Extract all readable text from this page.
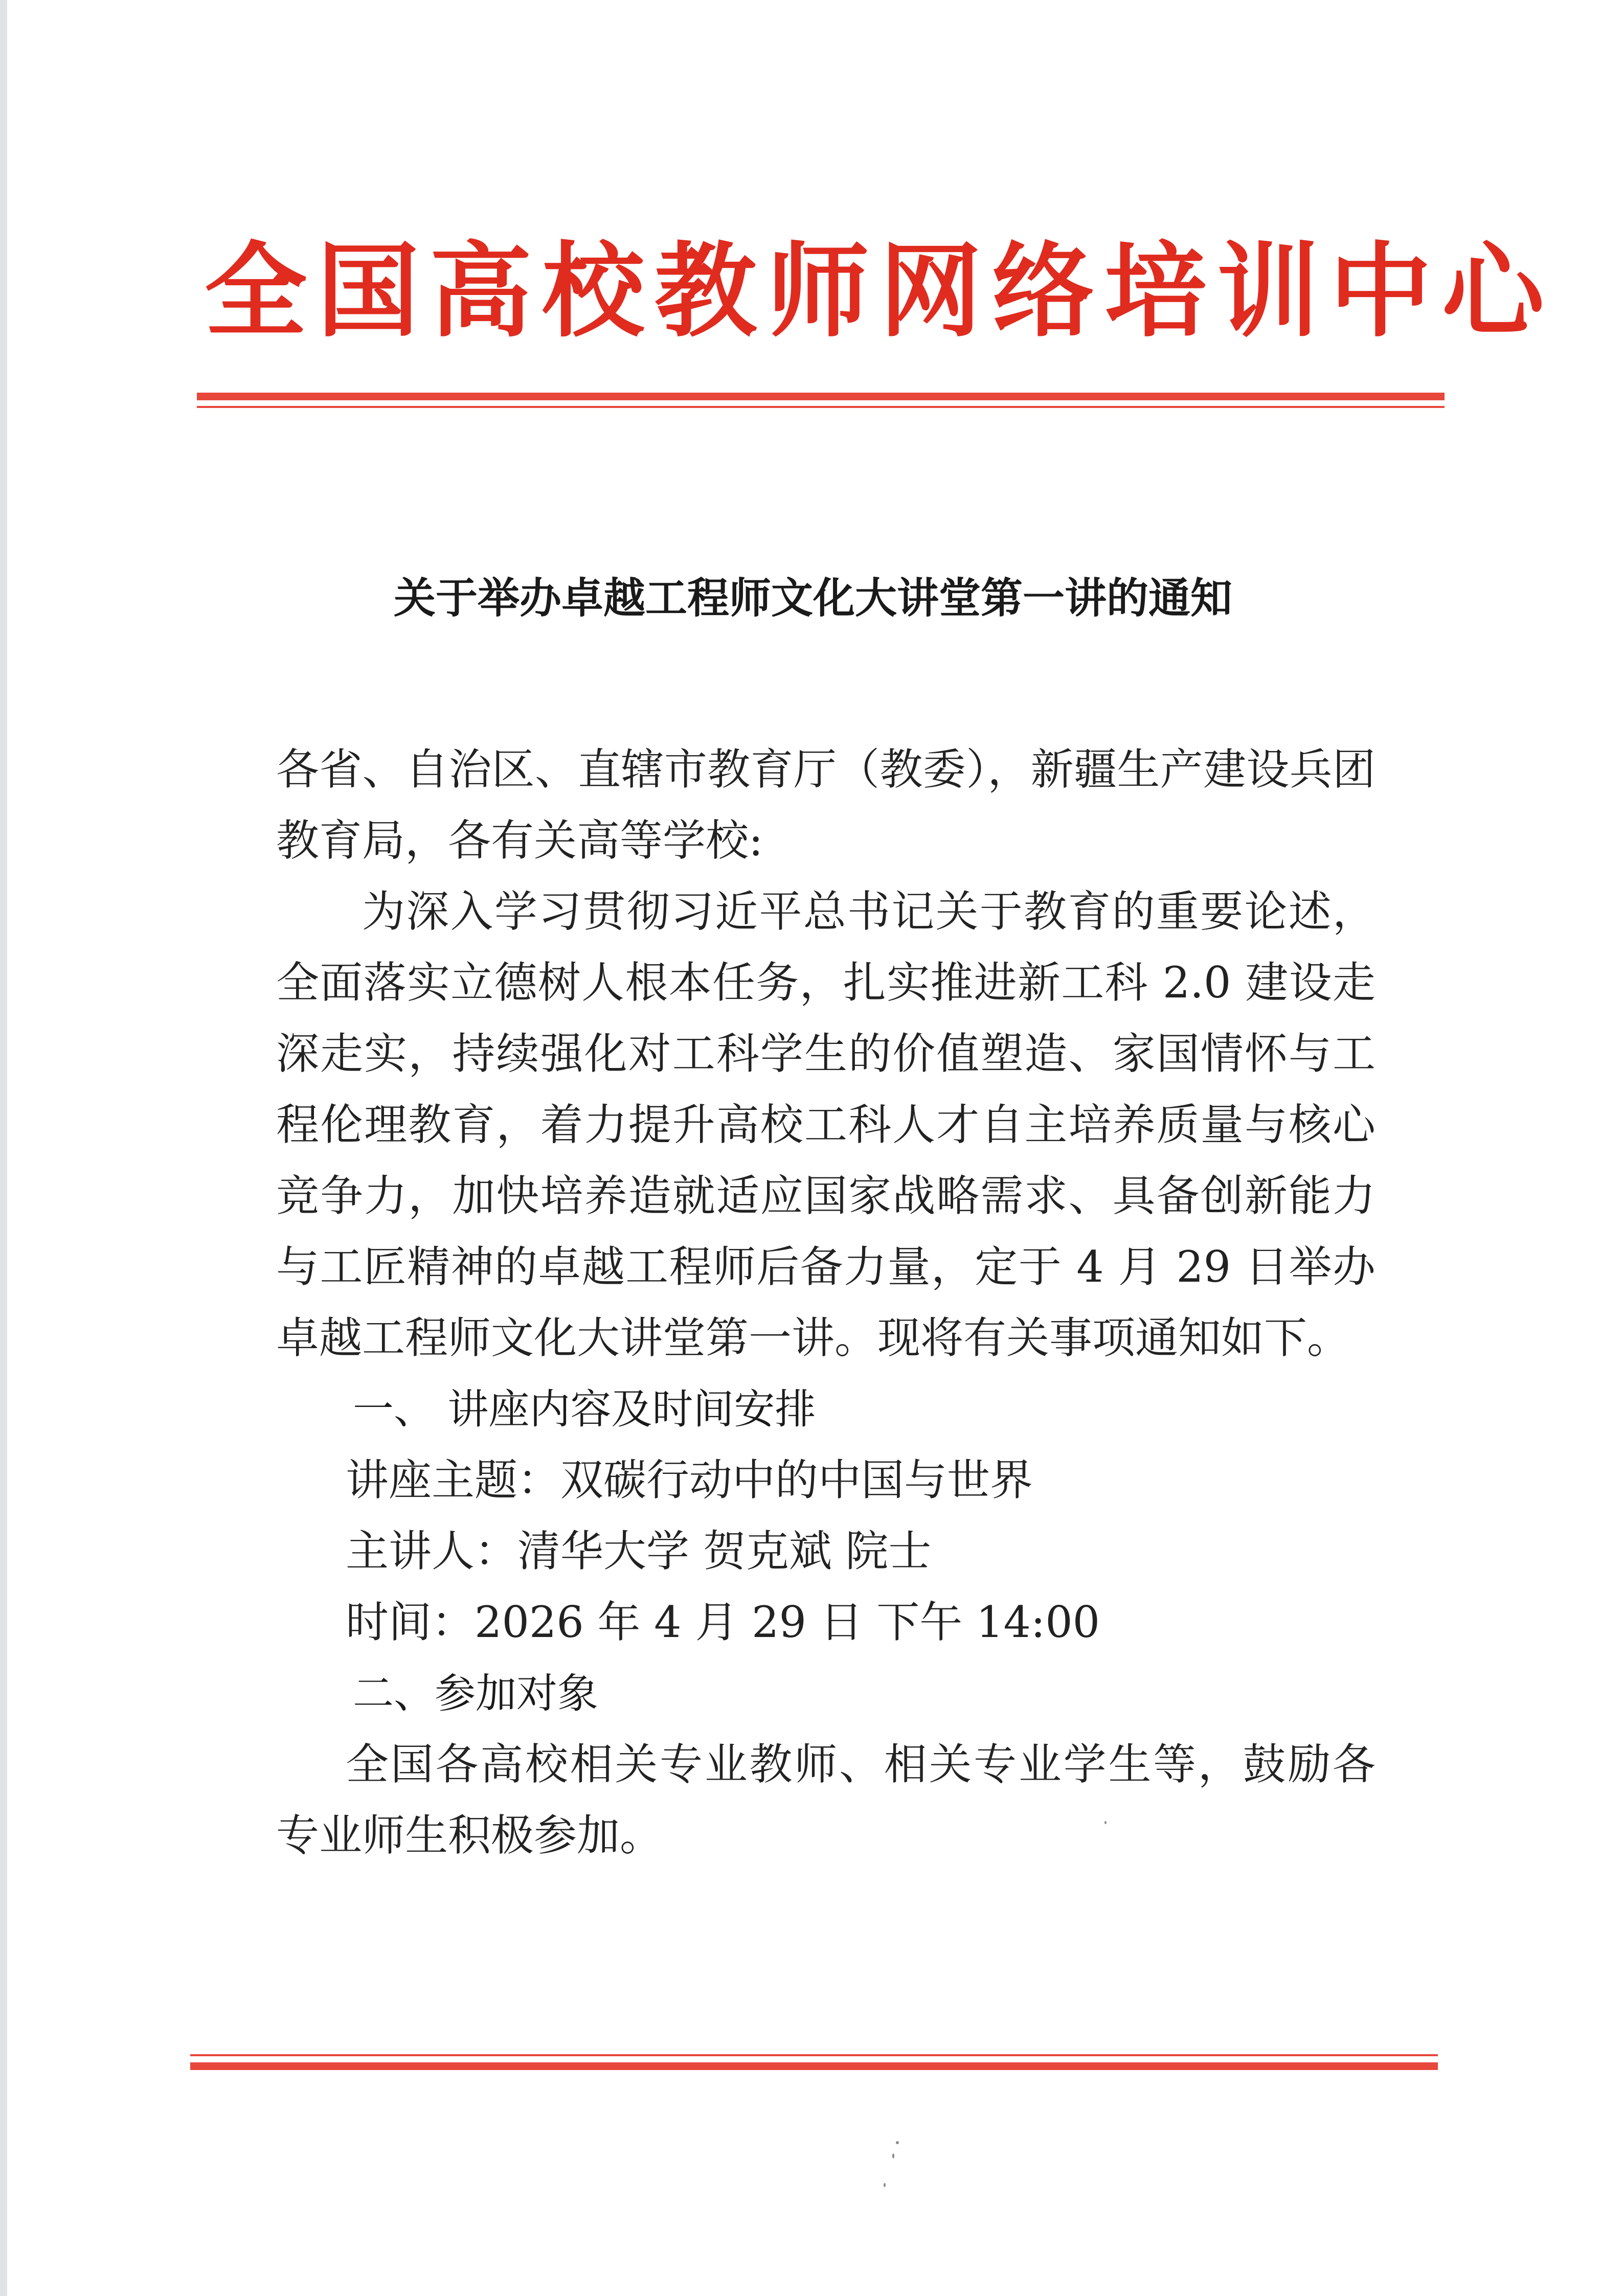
全国高校教师网络培训中心
关于举办卓越工程师文化大讲堂第一讲的通知
各省、自治区、直辖市教育厅（教委），新疆生产建设兵团教育局，各有关高等学校:
为深入学习贯彻习近平总书记关于教育的重要论述，全面落实立德树人根本任务，扎实推进新工科 2.0 建设走深走实，持续强化对工科学生的价值塑造、家国情怀与工程伦理教育，着力提升高校工科人才自主培养质量与核心竞争力，加快培养造就适应国家战略需求、具备创新能力与工匠精神的卓越工程师后备力量，定于 4 月 29 日举办卓越工程师文化大讲堂第一讲。现将有关事项通知如下。
一、 讲座内容及时间安排
讲座主题：双碳行动中的中国与世界
主讲人：清华大学 贺克斌 院士
时间：2026 年 4 月 29 日 下午 14:00
二、参加对象
全国各高校相关专业教师、相关专业学生等，鼓励各专业师生积极参加。
